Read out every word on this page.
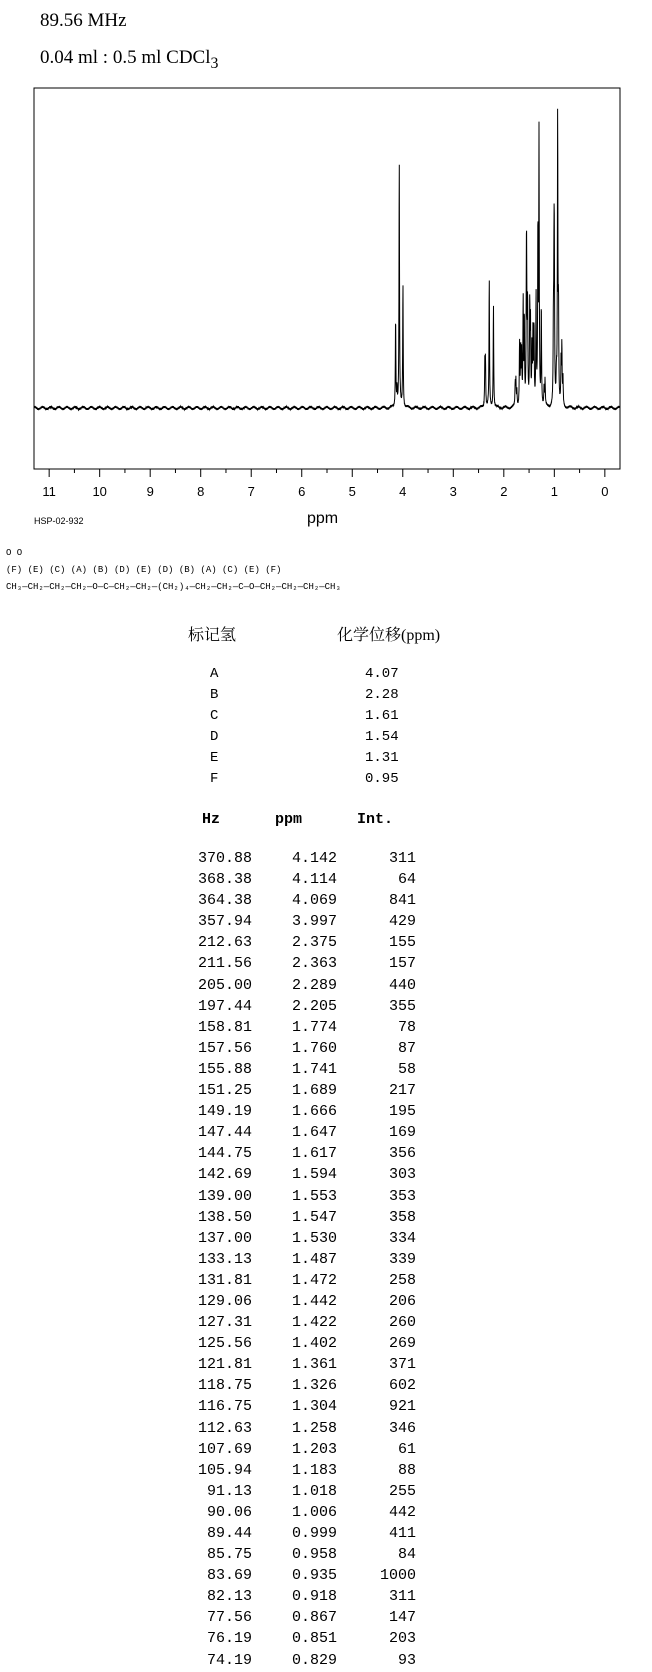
89.56 MHz
0.04 ml : 0.5 ml CDCl$_3$
11	10	9	8	7	6	5	4	3	2	1	0
ppm
HSP-02-932
O O
(F) (E) (C) (A) (B) (D) (E) (D) (B) (A) (C) (E) (F)
CH₃—CH₂—CH₂—CH₂—O—C—CH₂—CH₂—(CH₂)₄—CH₂—CH₂—C—O—CH₂—CH₂—CH₂—CH₃
标记氢	化学位移(ppm)
A	4.07
B	2.28
C	1.61
D	1.54
E	1.31
F	0.95
Hz	ppm	Int.
370.88	4.142	311
368.38	4.114	64
364.38	4.069	841
357.94	3.997	429
212.63	2.375	155
211.56	2.363	157
205.00	2.289	440
197.44	2.205	355
158.81	1.774	78
157.56	1.760	87
155.88	1.741	58
151.25	1.689	217
149.19	1.666	195
147.44	1.647	169
144.75	1.617	356
142.69	1.594	303
139.00	1.553	353
138.50	1.547	358
137.00	1.530	334
133.13	1.487	339
131.81	1.472	258
129.06	1.442	206
127.31	1.422	260
125.56	1.402	269
121.81	1.361	371
118.75	1.326	602
116.75	1.304	921
112.63	1.258	346
107.69	1.203	61
105.94	1.183	88
91.13	1.018	255
90.06	1.006	442
89.44	0.999	411
85.75	0.958	84
83.69	0.935	1000
82.13	0.918	311
77.56	0.867	147
76.19	0.851	203
74.19	0.829	93
